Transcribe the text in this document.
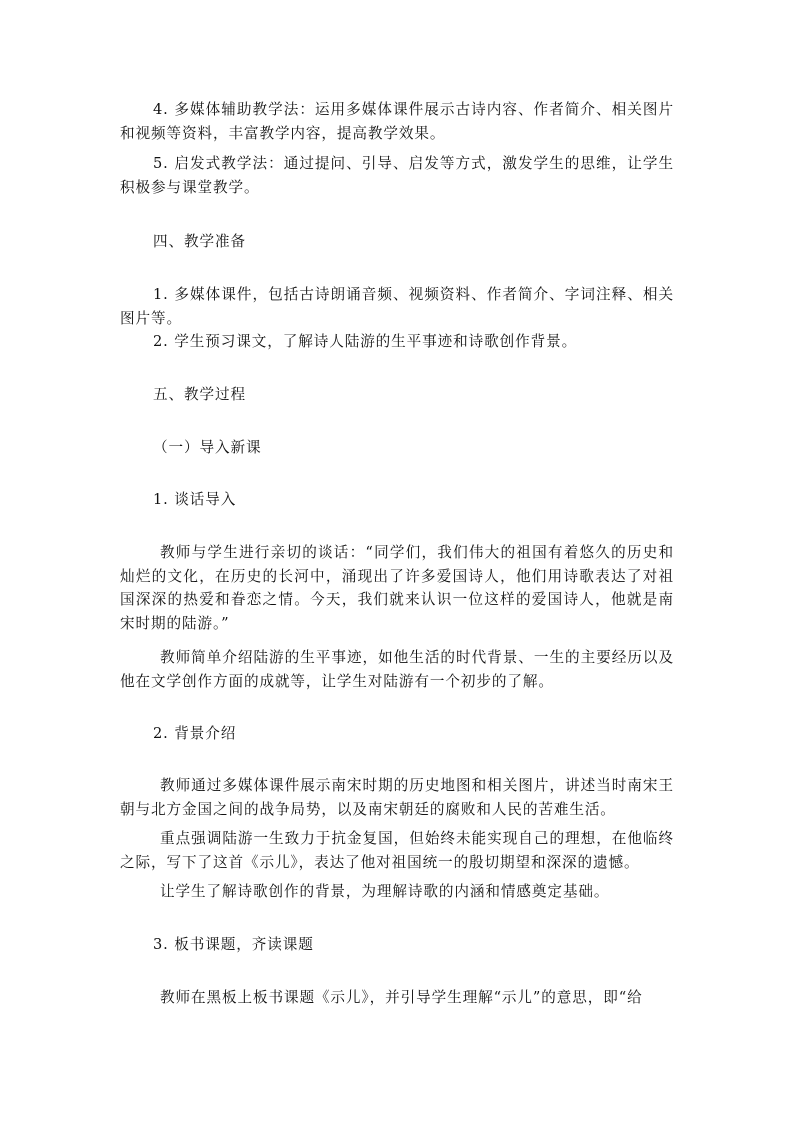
4. 多媒体辅助教学法：运用多媒体课件展示古诗内容、作者简介、相关图片和视频等资料，丰富教学内容，提高教学效果。

5. 启发式教学法：通过提问、引导、启发等方式，激发学生的思维，让学生积极参与课堂教学。

四、教学准备

1. 多媒体课件，包括古诗朗诵音频、视频资料、作者简介、字词注释、相关图片等。

2. 学生预习课文，了解诗人陆游的生平事迹和诗歌创作背景。

五、教学过程

（一）导入新课

1. 谈话导入

教师与学生进行亲切的谈话：“同学们，我们伟大的祖国有着悠久的历史和灿烂的文化，在历史的长河中，涌现出了许多爱国诗人，他们用诗歌表达了对祖国深深的热爱和眷恋之情。今天，我们就来认识一位这样的爱国诗人，他就是南宋时期的陆游。”

教师简单介绍陆游的生平事迹，如他生活的时代背景、一生的主要经历以及他在文学创作方面的成就等，让学生对陆游有一个初步的了解。

2. 背景介绍

教师通过多媒体课件展示南宋时期的历史地图和相关图片，讲述当时南宋王朝与北方金国之间的战争局势，以及南宋朝廷的腐败和人民的苦难生活。

重点强调陆游一生致力于抗金复国，但始终未能实现自己的理想，在他临终之际，写下了这首《示儿》，表达了他对祖国统一的殷切期望和深深的遗憾。

让学生了解诗歌创作的背景，为理解诗歌的内涵和情感奠定基础。

3. 板书课题，齐读课题

教师在黑板上板书课题《示儿》，并引导学生理解“示儿”的意思，即“给
